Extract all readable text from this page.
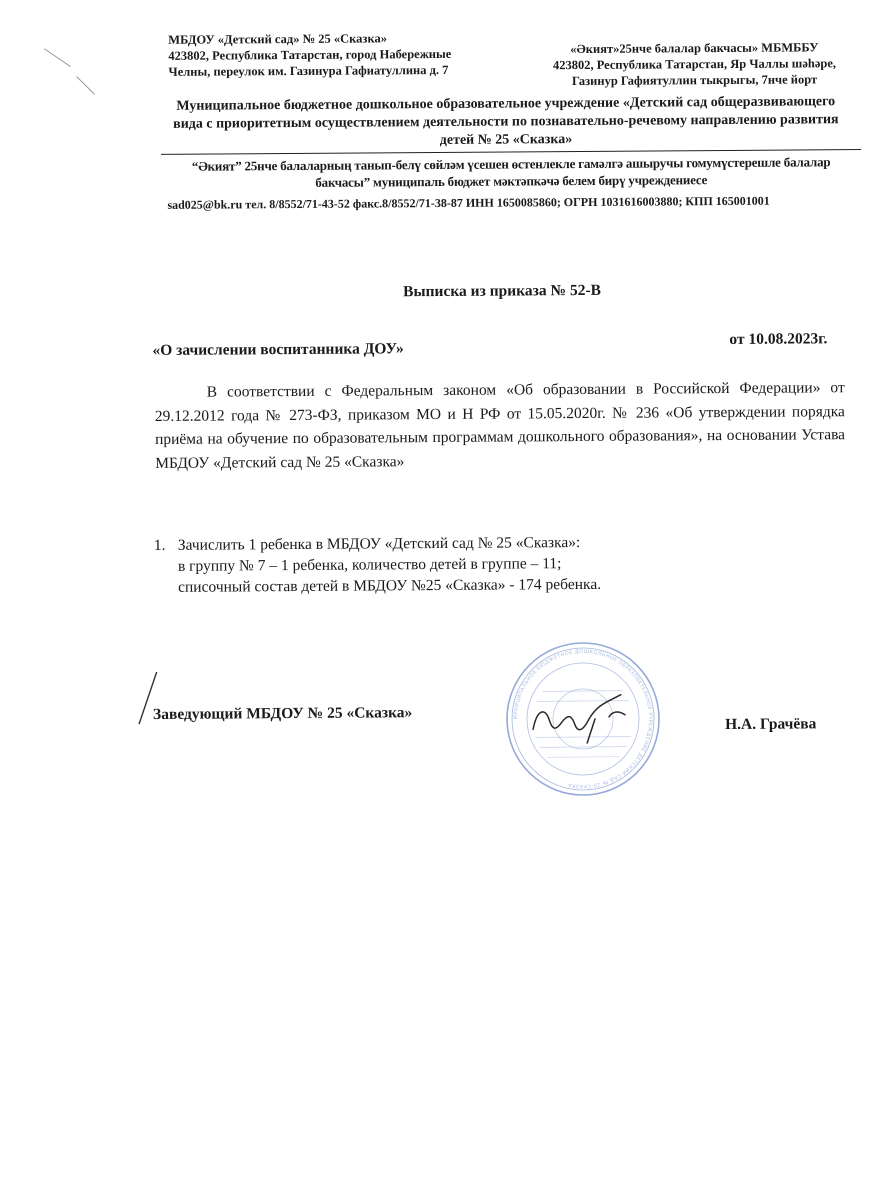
МБДОУ «Детский сад» № 25 «Сказка»
423802, Республика Татарстан, город Набережные
Челны, переулок им. Газинура Гафиатуллина д. 7
«Әкият»25нче балалар бакчасы» МБМББУ
423802, Республика Татарстан, Яр Чаллы шәһәре,
Газинур Гафиятуллин тыкрыгы, 7нче йорт
Муниципальное бюджетное дошкольное образовательное учреждение «Детский сад общеразвивающего
вида с приоритетным осуществлением деятельности по познавательно-речевому направлению развития
детей № 25 «Сказка»
“Әкият” 25нче балаларның танып-белү сөйләм үсешен өстенлекле гамәлгә ашыручы гомумүстерешле балалар
бакчасы” муниципаль бюджет мәктәпкәчә белем бирү учреждениесе
sad025@bk.ru тел. 8/8552/71-43-52 факс.8/8552/71-38-87 ИНН 1650085860; ОГРН 1031616003880; КПП 165001001
Выписка из приказа № 52-В
«О зачислении воспитанника ДОУ»
от 10.08.2023г.
В соответствии с Федеральным законом «Об образовании в Российской Федерации» от 29.12.2012 года № 273-ФЗ, приказом МО и Н РФ от 15.05.2020г. № 236 «Об утверждении порядка приёма на обучение по образовательным программам дошкольного образования», на основании Устава МБДОУ «Детский сад № 25 «Сказка»
1. Зачислить 1 ребенка в МБДОУ «Детский сад № 25 «Сказка»:
в группу № 7 – 1 ребенка, количество детей в группе – 11;
списочный состав детей в МБДОУ №25 «Сказка» - 174 ребенка.
Заведующий МБДОУ № 25 «Сказка»
Н.А. Грачёва
МУНИЦИПАЛЬНОЕ БЮДЖЕТНОЕ ДОШКОЛЬНОЕ ОБРАЗОВАТЕЛЬНОЕ УЧРЕЖДЕНИЕ ДЕТСКИЙ САД № 25 СКАЗКА
